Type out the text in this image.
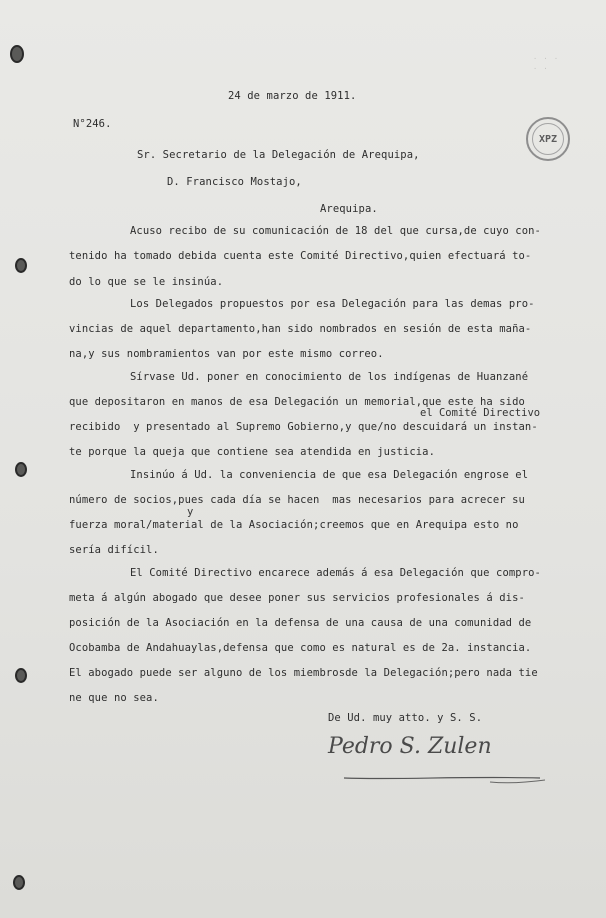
· · ·
· ·
XPZ
24 de marzo de 1911.
N°246.
Sr. Secretario de la Delegación de Arequipa,
D. Francisco Mostajo,
Arequipa.
Acuso recibo de su comunicación de 18 del que cursa,de cuyo con-
tenido ha tomado debida cuenta este Comité Directivo,quien efectuará to-
do lo que se le insinúa.
Los Delegados propuestos por esa Delegación para las demas pro-
vincias de aquel departamento,han sido nombrados en sesión de esta maña-
na,y sus nombramientos van por este mismo correo.
Sírvase Ud. poner en conocimiento de los indígenas de Huanzané
que depositaron en manos de esa Delegación un memorial,que este ha sido
el Comité Directivo
recibido  y presentado al Supremo Gobierno,y que/no descuidará un instan-
te porque la queja que contiene sea atendida en justicia.
Insinúo á Ud. la conveniencia de que esa Delegación engrose el
número de socios,pues cada día se hacen  mas necesarios para acrecer su
y
fuerza moral/material de la Asociación;creemos que en Arequipa esto no
sería difícil.
El Comité Directivo encarece además á esa Delegación que compro-
meta á algún abogado que desee poner sus servicios profesionales á dis-
posición de la Asociación en la defensa de una causa de una comunidad de
Ocobamba de Andahuaylas,defensa que como es natural es de 2a. instancia.
El abogado puede ser alguno de los miembrosde la Delegación;pero nada tie
ne que no sea.
De Ud. muy atto. y S. S.
Pedro S. Zulen
